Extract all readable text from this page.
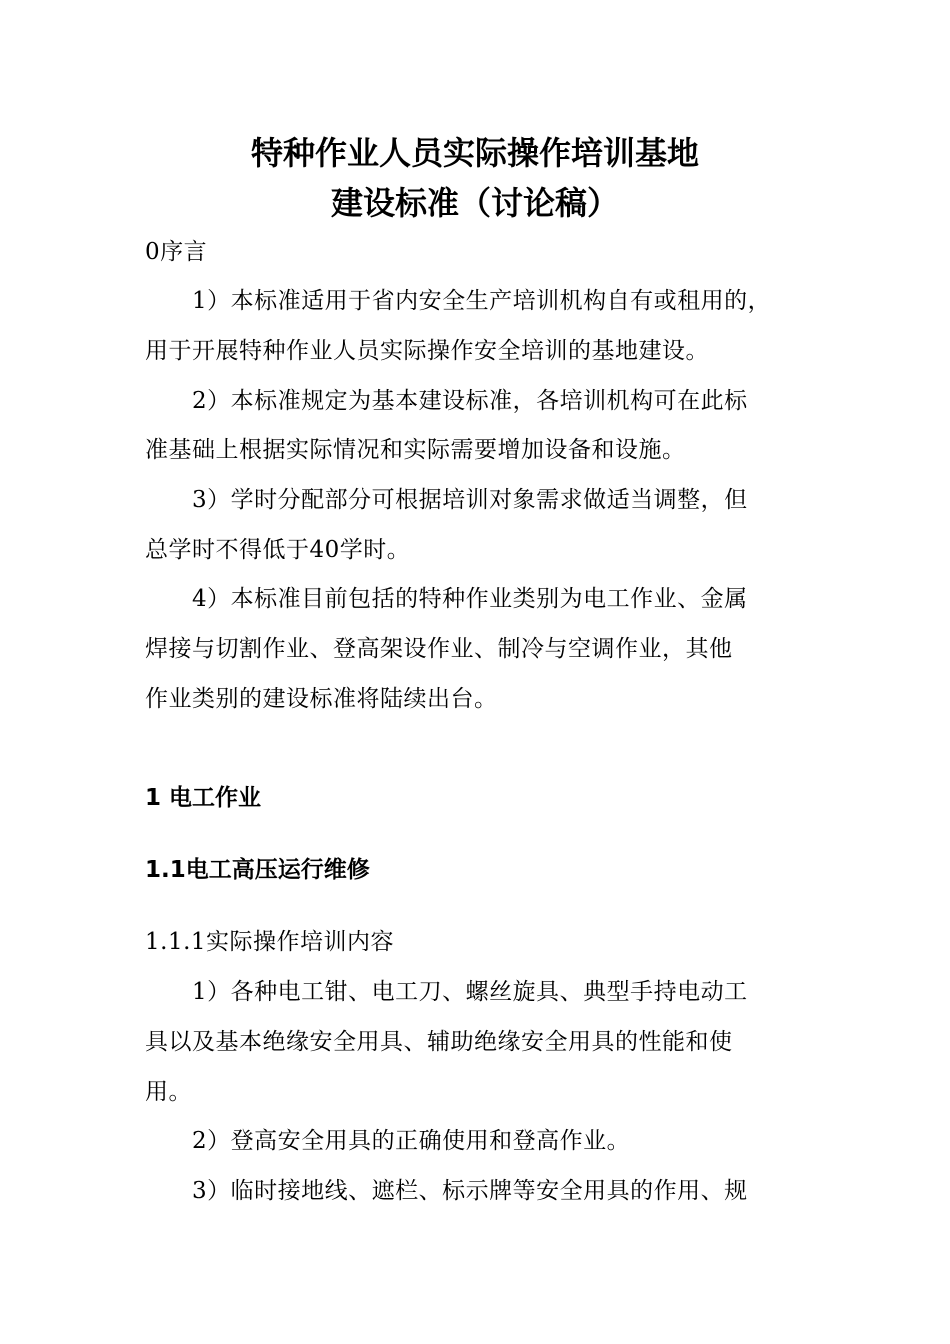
特种作业人员实际操作培训基地
建设标准（讨论稿）
0序言
1）本标准适用于省内安全生产培训机构自有或租用的，
用于开展特种作业人员实际操作安全培训的基地建设。
2）本标准规定为基本建设标准，各培训机构可在此标
准基础上根据实际情况和实际需要增加设备和设施。
3）学时分配部分可根据培训对象需求做适当调整，但
总学时不得低于40学时。
4）本标准目前包括的特种作业类别为电工作业、金属
焊接与切割作业、登高架设作业、制冷与空调作业，其他
作业类别的建设标准将陆续出台。
1 电工作业
1.1电工高压运行维修
1.1.1实际操作培训内容
1）各种电工钳、电工刀、螺丝旋具、典型手持电动工
具以及基本绝缘安全用具、辅助绝缘安全用具的性能和使
用。
2）登高安全用具的正确使用和登高作业。
3）临时接地线、遮栏、标示牌等安全用具的作用、规
